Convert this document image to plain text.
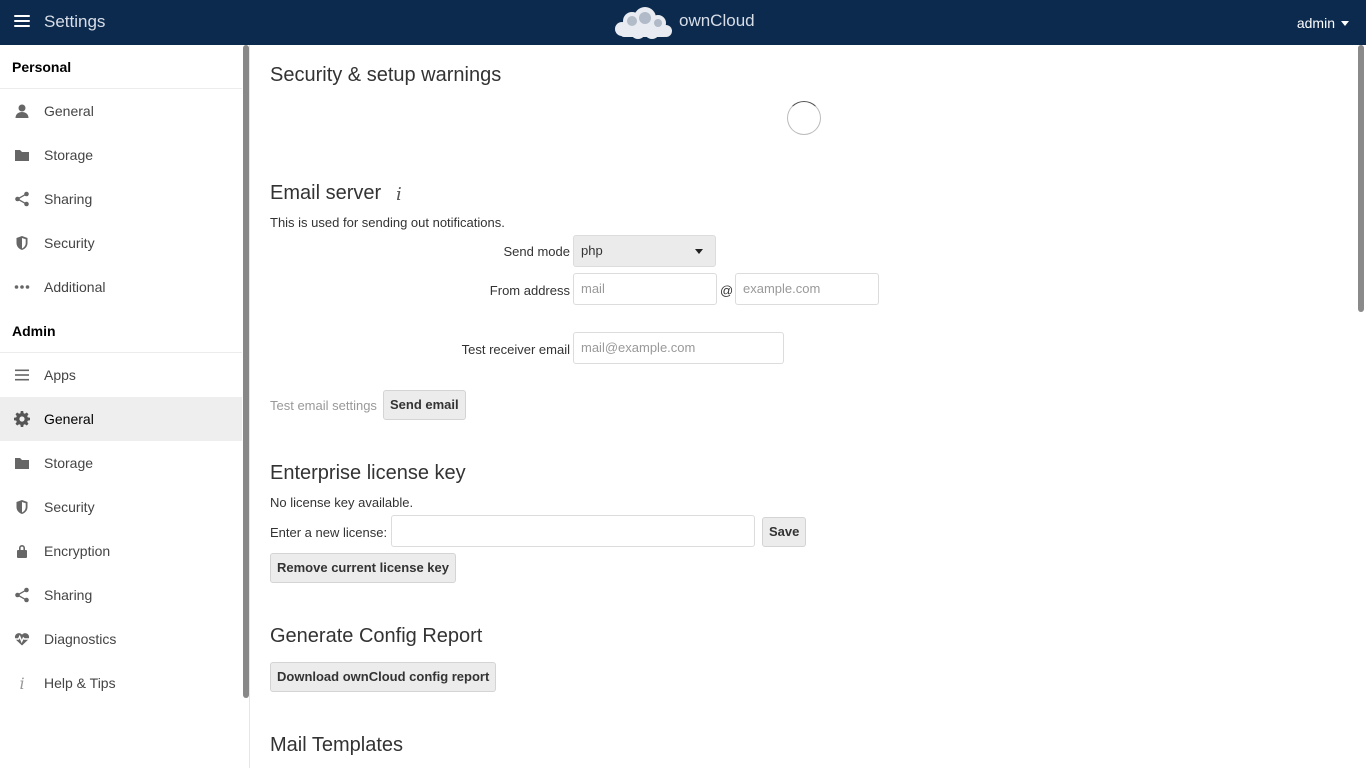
Settings	ownCloud	admin
Personal
General
Storage
Sharing
Security
Additional
Admin
Apps
General
Storage
Security
Encryption
Sharing
Diagnostics
i	Help & Tips
Security & setup warnings
Email server i
This is used for sending out notifications.
Send mode php
From address mail	@ example.com
Test receiver email mail@example.com
Test email settings	Send email
Enterprise license key
No license key available.
Enter a new license:	Save
Remove current license key
Generate Config Report
Download ownCloud config report
Mail Templates
